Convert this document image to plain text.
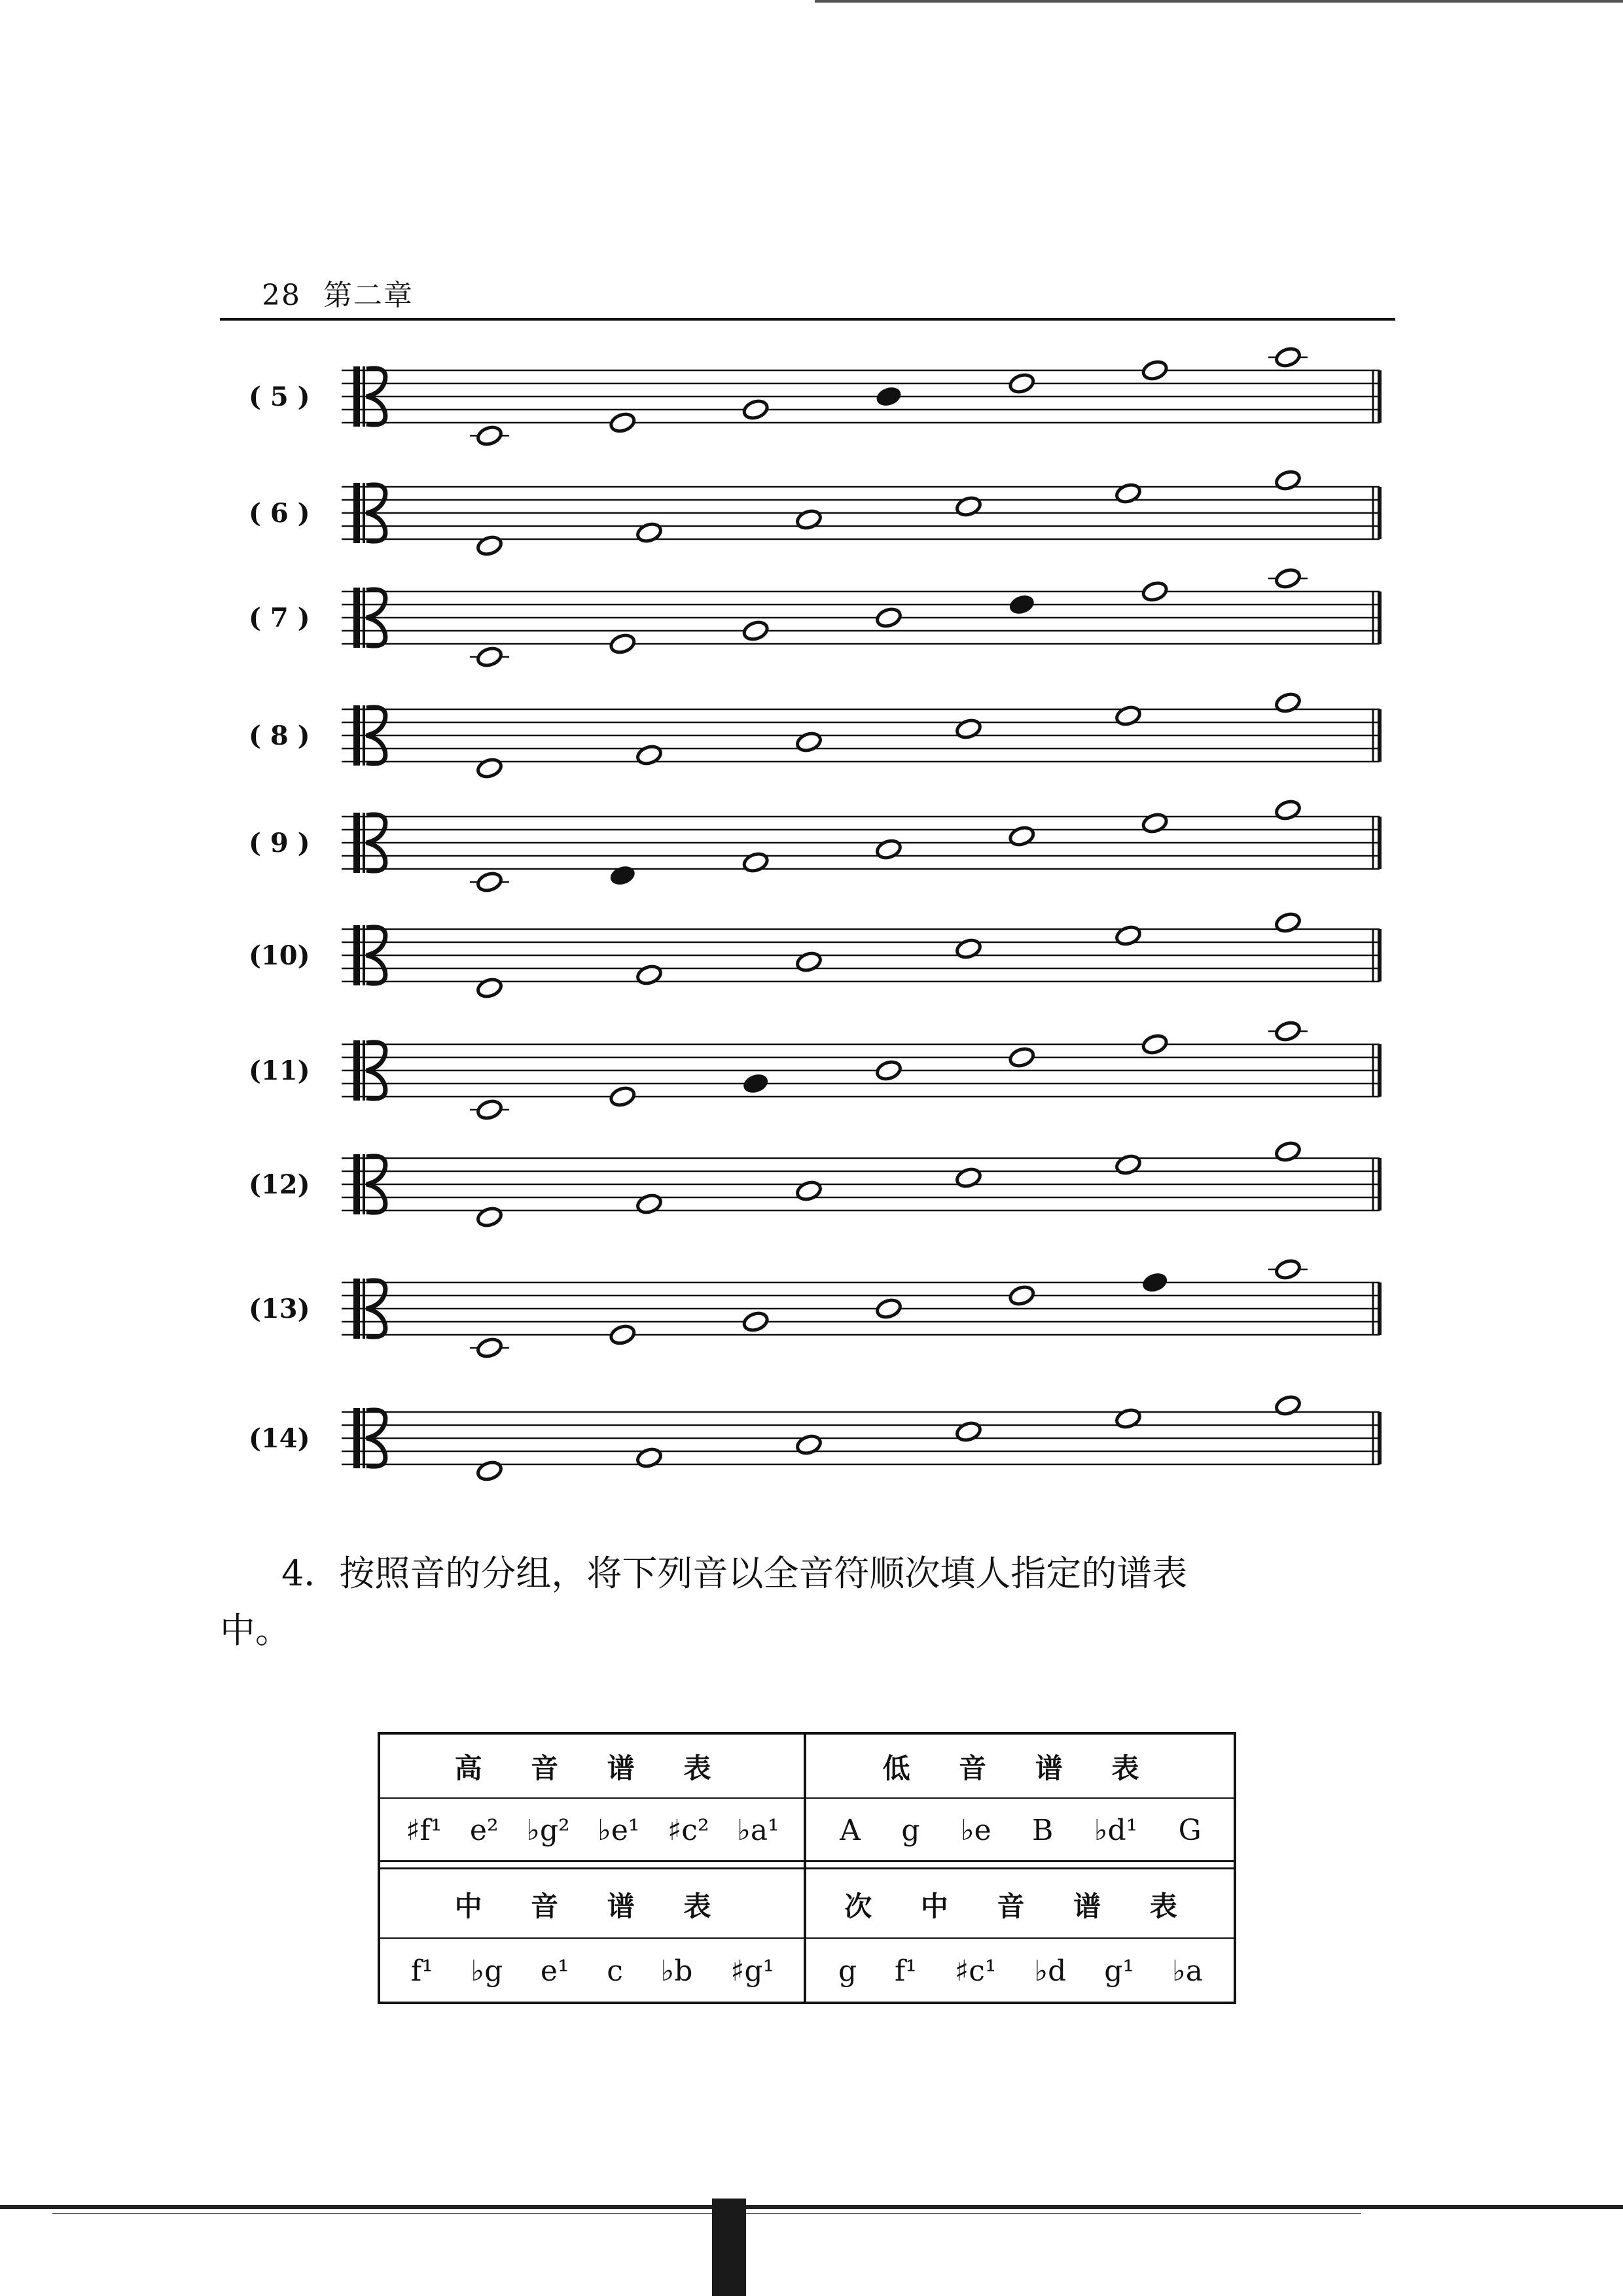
28 第二章
( 5 )
( 6 )
( 7 )
( 8 )
( 9 )
(10)
(11)
(12)
(13)
(14)
4．按照音的分组，将下列音以全音符顺次填人指定的谱表
中。
高 音 谱 表	低 音 谱 表
♯f¹ e² ♭g² ♭e¹ ♯c² ♭a¹ A g ♭e B ♭d¹ G
中 音 谱 表	次 中 音 谱 表
f¹ ♭g e¹ c ♭b ♯g¹ g f¹ ♯c¹ ♭d g¹ ♭a
